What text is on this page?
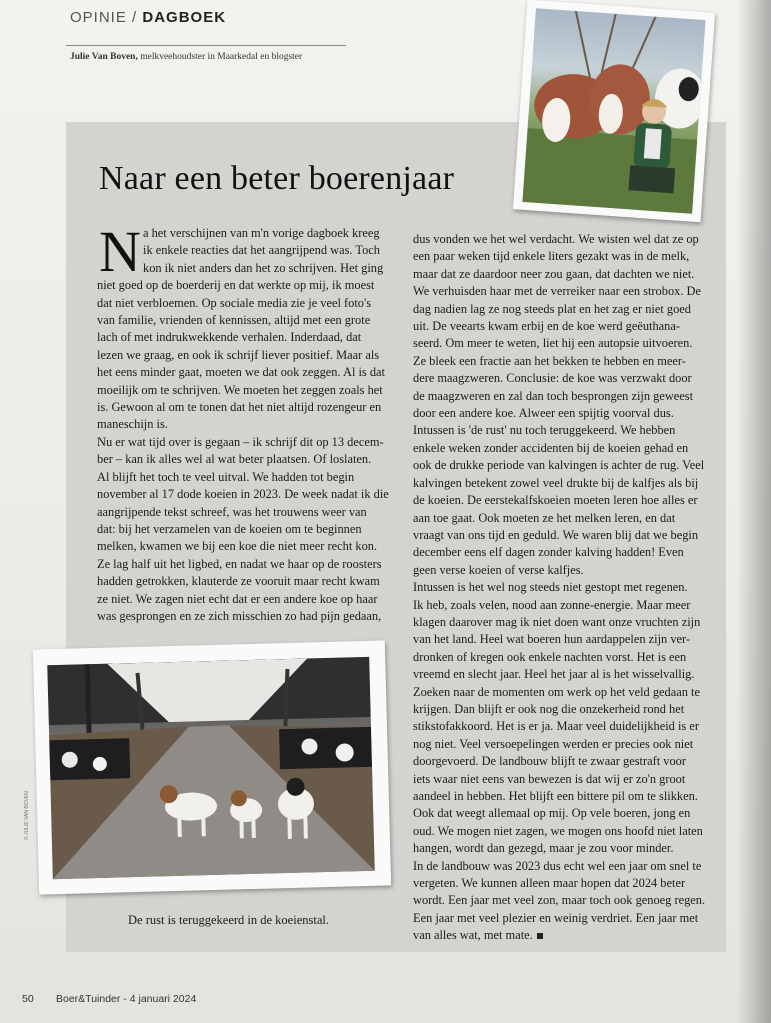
OPINIE / DAGBOEK
Julie Van Boven, melkveehoudster in Maarkedal en blogster
Naar een beter boerenjaar
N a het verschijnen van m'n vorige dagboek kreeg

ik enkele reacties dat het aangrijpend was. Toch

kon ik niet anders dan het zo schrijven. Het ging

niet goed op de boerderij en dat werkte op mij, ik moest

dat niet verbloemen. Op sociale media zie je veel foto's

van familie, vrienden of kennissen, altijd met een grote

lach of met indrukwekkende verhalen. Inderdaad, dat

lezen we graag, en ook ik schrijf liever positief. Maar als

het eens minder gaat, moeten we dat ook zeggen. Al is dat

moeilijk om te schrijven. We moeten het zeggen zoals het

is. Gewoon al om te tonen dat het niet altijd rozengeur en

maneschijn is.

Nu er wat tijd over is gegaan – ik schrijf dit op 13 decem-

ber – kan ik alles wel al wat beter plaatsen. Of loslaten.

Al blijft het toch te veel uitval. We hadden tot begin

november al 17 dode koeien in 2023. De week nadat ik die

aangrijpende tekst schreef, was het trouwens weer van

dat: bij het verzamelen van de koeien om te beginnen

melken, kwamen we bij een koe die niet meer recht kon.

Ze lag half uit het ligbed, en nadat we haar op de roosters

hadden getrokken, klauterde ze vooruit maar recht kwam

ze niet. We zagen niet echt dat er een andere koe op haar

was gesprongen en ze zich misschien zo had pijn gedaan,

dus vonden we het wel verdacht. We wisten wel dat ze op

een paar weken tijd enkele liters gezakt was in de melk,

maar dat ze daardoor neer zou gaan, dat dachten we niet.

We verhuisden haar met de verreiker naar een strobox. De

dag nadien lag ze nog steeds plat en het zag er niet goed

uit. De veearts kwam erbij en de koe werd geëuthana-

seerd. Om meer te weten, liet hij een autopsie uitvoeren.

Ze bleek een fractie aan het bekken te hebben en meer-

dere maagzweren. Conclusie: de koe was verzwakt door

de maagzweren en zal dan toch besprongen zijn geweest

door een andere koe. Alweer een spijtig voorval dus.

Intussen is 'de rust' nu toch teruggekeerd. We hebben

enkele weken zonder accidenten bij de koeien gehad en

ook de drukke periode van kalvingen is achter de rug. Veel

kalvingen betekent zowel veel drukte bij de kalfjes als bij

de koeien. De eerstekalfskoeien moeten leren hoe alles er

aan toe gaat. Ook moeten ze het melken leren, en dat

vraagt van ons tijd en geduld. We waren blij dat we begin

december eens elf dagen zonder kalving hadden! Even

geen verse koeien of verse kalfjes.

Intussen is het wel nog steeds niet gestopt met regenen.

Ik heb, zoals velen, nood aan zonne-energie. Maar meer

klagen daarover mag ik niet doen want onze vruchten zijn

van het land. Heel wat boeren hun aardappelen zijn ver-

dronken of kregen ook enkele nachten vorst. Het is een

vreemd en slecht jaar. Heel het jaar al is het wisselvallig.

Zoeken naar de momenten om werk op het veld gedaan te

krijgen. Dan blijft er ook nog die onzekerheid rond het

stikstofakkoord. Het is er ja. Maar veel duidelijkheid is er

nog niet. Veel versoepelingen werden er precies ook niet

doorgevoerd. De landbouw blijft te zwaar gestraft voor

iets waar niet eens van bewezen is dat wij er zo'n groot

aandeel in hebben. Het blijft een bittere pil om te slikken.

Ook dat weegt allemaal op mij. Op vele boeren, jong en

oud. We mogen niet zagen, we mogen ons hoofd niet laten

hangen, wordt dan gezegd, maar je zou voor minder.

In de landbouw was 2023 dus echt wel een jaar om snel te

vergeten. We kunnen alleen maar hopen dat 2024 beter

wordt. Een jaar met veel zon, maar toch ook genoeg regen.

Een jaar met veel plezier en weinig verdriet. Een jaar met

van alles wat, met mate.

© JULIE VAN BOVEN
De rust is teruggekeerd in de koeienstal.
50 Boer&Tuinder - 4 januari 2024
